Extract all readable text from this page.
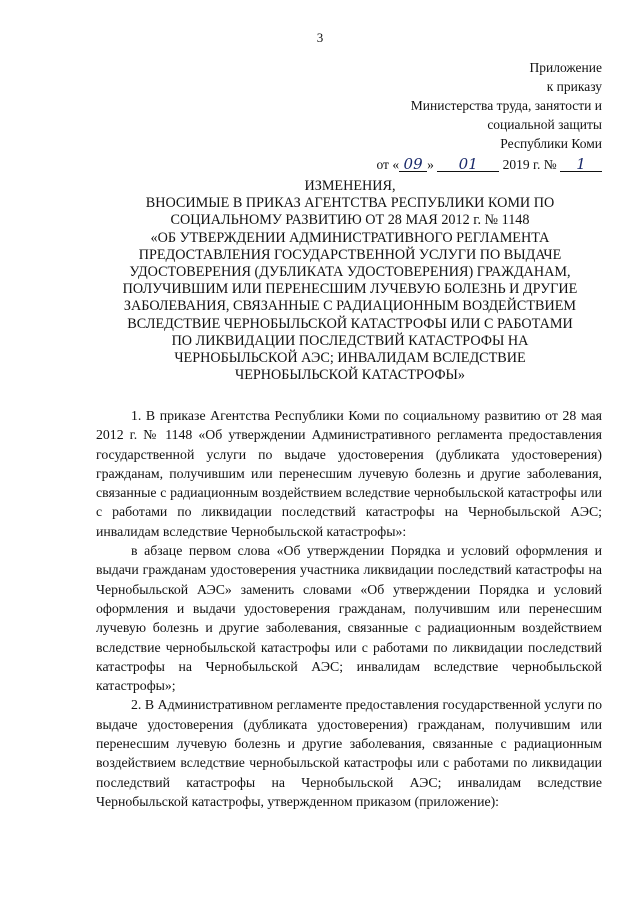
3
Приложение
к приказу
Министерства труда, занятости и
социальной защиты
Республики Коми
от « 09 » 01 2019 г. № 1
ИЗМЕНЕНИЯ,
ВНОСИМЫЕ В ПРИКАЗ АГЕНТСТВА РЕСПУБЛИКИ КОМИ ПО
СОЦИАЛЬНОМУ РАЗВИТИЮ ОТ 28 МАЯ 2012 г. № 1148
«ОБ УТВЕРЖДЕНИИ АДМИНИСТРАТИВНОГО РЕГЛАМЕНТА
ПРЕДОСТАВЛЕНИЯ ГОСУДАРСТВЕННОЙ УСЛУГИ ПО ВЫДАЧЕ
УДОСТОВЕРЕНИЯ (ДУБЛИКАТА УДОСТОВЕРЕНИЯ) ГРАЖДАНАМ,
ПОЛУЧИВШИМ ИЛИ ПЕРЕНЕСШИМ ЛУЧЕВУЮ БОЛЕЗНЬ И ДРУГИЕ
ЗАБОЛЕВАНИЯ, СВЯЗАННЫЕ С РАДИАЦИОННЫМ ВОЗДЕЙСТВИЕМ
ВСЛЕДСТВИЕ ЧЕРНОБЫЛЬСКОЙ КАТАСТРОФЫ ИЛИ С РАБОТАМИ
ПО ЛИКВИДАЦИИ ПОСЛЕДСТВИЙ КАТАСТРОФЫ НА
ЧЕРНОБЫЛЬСКОЙ АЭС; ИНВАЛИДАМ ВСЛЕДСТВИЕ
ЧЕРНОБЫЛЬСКОЙ КАТАСТРОФЫ»

1. В приказе Агентства Республики Коми по социальному развитию от 28 мая 2012 г. № 1148 «Об утверждении Административного регламента предоставления государственной услуги по выдаче удостоверения (дубликата удостоверения) гражданам, получившим или перенесшим лучевую болезнь и другие заболевания, связанные с радиационным воздействием вследствие чернобыльской катастрофы или с работами по ликвидации последствий катастрофы на Чернобыльской АЭС; инвалидам вследствие Чернобыльской катастрофы»:

в абзаце первом слова «Об утверждении Порядка и условий оформления и выдачи гражданам удостоверения участника ликвидации последствий катастрофы на Чернобыльской АЭС» заменить словами «Об утверждении Порядка и условий оформления и выдачи удостоверения гражданам, получившим или перенесшим лучевую болезнь и другие заболевания, связанные с радиационным воздействием вследствие чернобыльской катастрофы или с работами по ликвидации последствий катастрофы на Чернобыльской АЭС; инвалидам вследствие чернобыльской катастрофы»;

2. В Административном регламенте предоставления государственной услуги по выдаче удостоверения (дубликата удостоверения) гражданам, получившим или перенесшим лучевую болезнь и другие заболевания, связанные с радиационным воздействием вследствие чернобыльской катастрофы или с работами по ликвидации последствий катастрофы на Чернобыльской АЭС; инвалидам вследствие Чернобыльской катастрофы, утвержденном приказом (приложение):
